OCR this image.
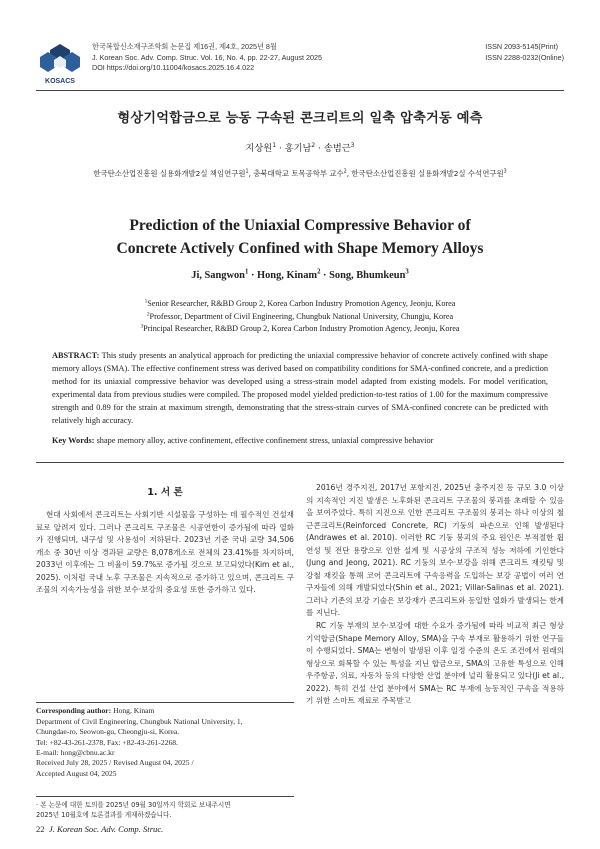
KOSACS
한국복합신소재구조학회 논문집 제16권, 제4호, 2025년 8월
J. Korean Soc. Adv. Comp. Struc. Vol. 16, No. 4, pp. 22-27, August 2025
DOI https://doi.org/10.11004/kosacs.2025.16.4.022
ISSN 2093-5145(Print)
ISSN 2288-0232(Online)
형상기억합금으로 능동 구속된 콘크리트의 일축 압축거동 예측
지상원$^1$ · 홍기남$^2$ · 송범근$^3$
한국탄소산업진흥원 실용화개발2실 책임연구원$^1$, 충북대학교 토목공학부 교수$^2$, 한국탄소산업진흥원 실용화개발2실 수석연구원$^3$
Prediction of the Uniaxial Compressive Behavior of
Concrete Actively Confined with Shape Memory Alloys
Ji, Sangwon$^1$ · Hong, Kinam$^2$ · Song, Bhumkeun$^3$
$^1$Senior Researcher, R&BD Group 2, Korea Carbon Industry Promotion Agency, Jeonju, Korea
$^2$Professor, Department of Civil Engineering, Chungbuk National University, Chungju, Korea
$^3$Principal Researcher, R&BD Group 2, Korea Carbon Industry Promotion Agency, Jeonju, Korea
ABSTRACT: This study presents an analytical approach for predicting the uniaxial compressive behavior of concrete actively confined with shape memory alloys (SMA). The effective confinement stress was derived based on compatibility conditions for SMA-confined concrete, and a prediction method for its uniaxial compressive behavior was developed using a stress-strain model adapted from existing models. For model verification, experimental data from previous studies were compiled. The proposed model yielded prediction-to-test ratios of 1.00 for the maximum compressive strength and 0.89 for the strain at maximum strength, demonstrating that the stress-strain curves of SMA-confined concrete can be predicted with relatively high accuracy.
Key Words: shape memory alloy, active confinement, effective confinement stress, uniaxial compressive behavior
1. 서 론

현대 사회에서 콘크리트는 사회기반 시설물을 구성하는 데 필수적인 건설재료로 알려져 있다. 그러나 콘크리트 구조물은 시공연한이 증가됨에 따라 열화가 진행되며, 내구성 및 사용성이 저하된다. 2023년 기준 국내 교량 34,506개소 중 30년 이상 경과된 교량은 8,078개소로 전체의 23.41%를 차지하며, 2033년 이후에는 그 비율이 59.7%로 증가될 것으로 보고되었다(Kim et al., 2025). 이처럼 국내 노후 구조물은 지속적으로 증가하고 있으며, 콘크리트 구조물의 지속가능성을 위한 보수·보강의 중요성 또한 증가하고 있다.

Corresponding author: Hong, Kinam
Department of Civil Engineering, Chungbuk National University, 1,
Chungdae-ro, Seowon-gu, Cheongju-si, Korea.
Tel: +82-43-261-2378, Fax: +82-43-261-2268.
E-mail: hong@cbnu.ac.kr
Received July 28, 2025 / Revised August 04, 2025 /
Accepted August 04, 2025
· 본 논문에 대한 토의를 2025년 09월 30일까지 학회로 보내주시면
2025년 10월호에 토론결과를 게재하겠습니다.

2016년 경주지진, 2017년 포항지진, 2025년 충주지진 등 규모 3.0 이상의 지속적인 지진 발생은 노후화된 콘크리트 구조물의 붕괴를 초래할 수 있음을 보여주었다. 특히 지진으로 인한 콘크리트 구조물의 붕괴는 하나 이상의 철근콘크리트(Reinforced Concrete, RC) 기둥의 파손으로 인해 발생된다(Andrawes et al. 2010). 이러한 RC 기둥 붕괴의 주요 원인은 부적절한 휨 연성 및 전단 용량으로 인한 설계 및 시공상의 구조적 성능 저하에 기인한다(Jung and Jeong, 2021). RC 기둥의 보수·보강을 위해 콘크리트 재킷팅 및 강철 재킷을 통해 코어 콘크리트에 구속응력을 도입하는 보강 공법이 여러 연구자들에 의해 개발되었다(Shin et al., 2021; Villar-Salinas et al. 2021). 그러나 기존의 보강 기술은 보강재가 콘크리트와 동일한 열화가 발생되는 한계를 지닌다.

RC 기둥 부재의 보수·보강에 대한 수요가 증가됨에 따라 비교적 최근 형상기억합금(Shape Memory Alloy, SMA)을 구속 부재로 활용하기 위한 연구들이 수행되었다. SMA는 변형이 발생된 이후 일정 수준의 온도 조건에서 원래의 형상으로 회복할 수 있는 특성을 지닌 합금으로, SMA의 고유한 특성으로 인해 우주항공, 의료, 자동차 등의 다양한 산업 분야에 널리 활용되고 있다(Ji et al., 2022). 특히 건설 산업 분야에서 SMA는 RC 부재에 능동적인 구속을 적용하기 위한 스마트 재료로 주목받고

22 J. Korean Soc. Adv. Comp. Struc.
